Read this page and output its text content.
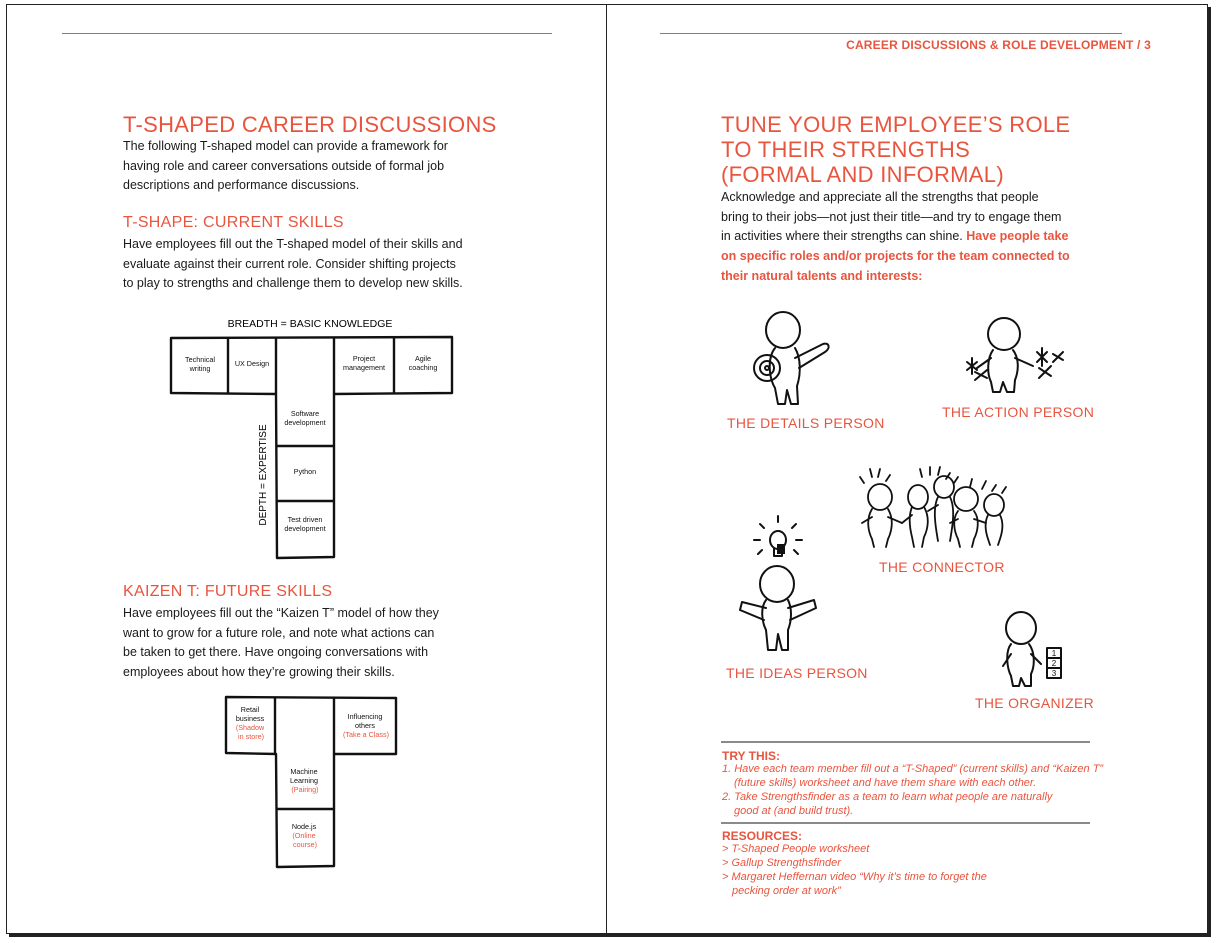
T-SHAPED CAREER DISCUSSIONS

The following T-shaped model can provide a framework for
having role and career conversations outside of formal job
descriptions and performance discussions.

T-SHAPE: CURRENT SKILLS

Have employees fill out the T-shaped model of their skills and
evaluate against their current role. Consider shifting projects
to play to strengths and challenge them to develop new skills.

BREADTH = BASIC KNOWLEDGE
DEPTH = EXPERTISE
Technical writing
UX Design
Project management
Agile coaching
Software development
Python
Test driven development
KAIZEN T: FUTURE SKILLS

Have employees fill out the “Kaizen T” model of how they
want to grow for a future role, and note what actions can
be taken to get there. Have ongoing conversations with
employees about how they’re growing their skills.

Retail business (Shadow in store)
Influencing others (Take a Class)
Machine Learning (Pairing)
Node.js (Online course)
CAREER DISCUSSIONS & ROLE DEVELOPMENT / 3
TUNE YOUR EMPLOYEE’S ROLE
TO THEIR STRENGTHS
(FORMAL AND INFORMAL)

Acknowledge and appreciate all the strengths that people
bring to their jobs—not just their title—and try to engage them
in activities where their strengths can shine. Have people take
on specific roles and/or projects for the team connected to
their natural talents and interests:

1
2
3
THE DETAILS PERSON
THE ACTION PERSON
THE CONNECTOR
THE IDEAS PERSON
THE ORGANIZER
TRY THIS:
1. Have each team member fill out a “T-Shaped” (current skills) and “Kaizen T”
(future skills) worksheet and have them share with each other.
2. Take Strengthsfinder as a team to learn what people are naturally
good at (and build trust).
RESOURCES:
> T-Shaped People worksheet
> Gallup Strengthsfinder
> Margaret Heffernan video “Why it’s time to forget the
pecking order at work”
